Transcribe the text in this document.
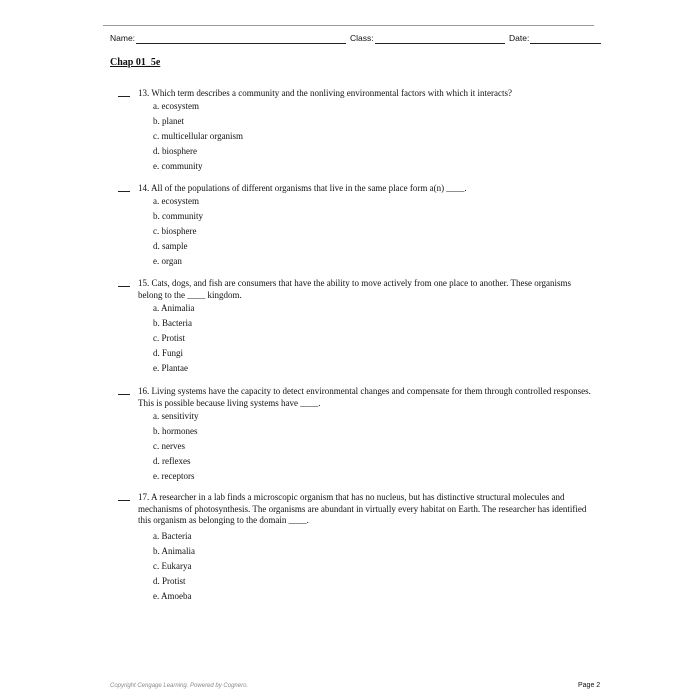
Name:	Class:	Date:
Chap 01_5e
13. Which term describes a community and the nonliving environmental factors with which it interacts?
a. ecosystem
b. planet
c. multicellular organism
d. biosphere
e. community
14. All of the populations of different organisms that live in the same place form a(n) ____.
a. ecosystem
b. community
c. biosphere
d. sample
e. organ
15. Cats, dogs, and fish are consumers that have the ability to move actively from one place to another. These organisms belong to the ____ kingdom.
a. Animalia
b. Bacteria
c. Protist
d. Fungi
e. Plantae
16. Living systems have the capacity to detect environmental changes and compensate for them through controlled responses. This is possible because living systems have ____.
a. sensitivity
b. hormones
c. nerves
d. reflexes
e. receptors
17. A researcher in a lab finds a microscopic organism that has no nucleus, but has distinctive structural molecules and mechanisms of photosynthesis. The organisms are abundant in virtually every habitat on Earth. The researcher has identified this organism as belonging to the domain ____.
a. Bacteria
b. Animalia
c. Eukarya
d. Protist
e. Amoeba
Copyright Cengage Learning. Powered by Cognero.	Page 2
